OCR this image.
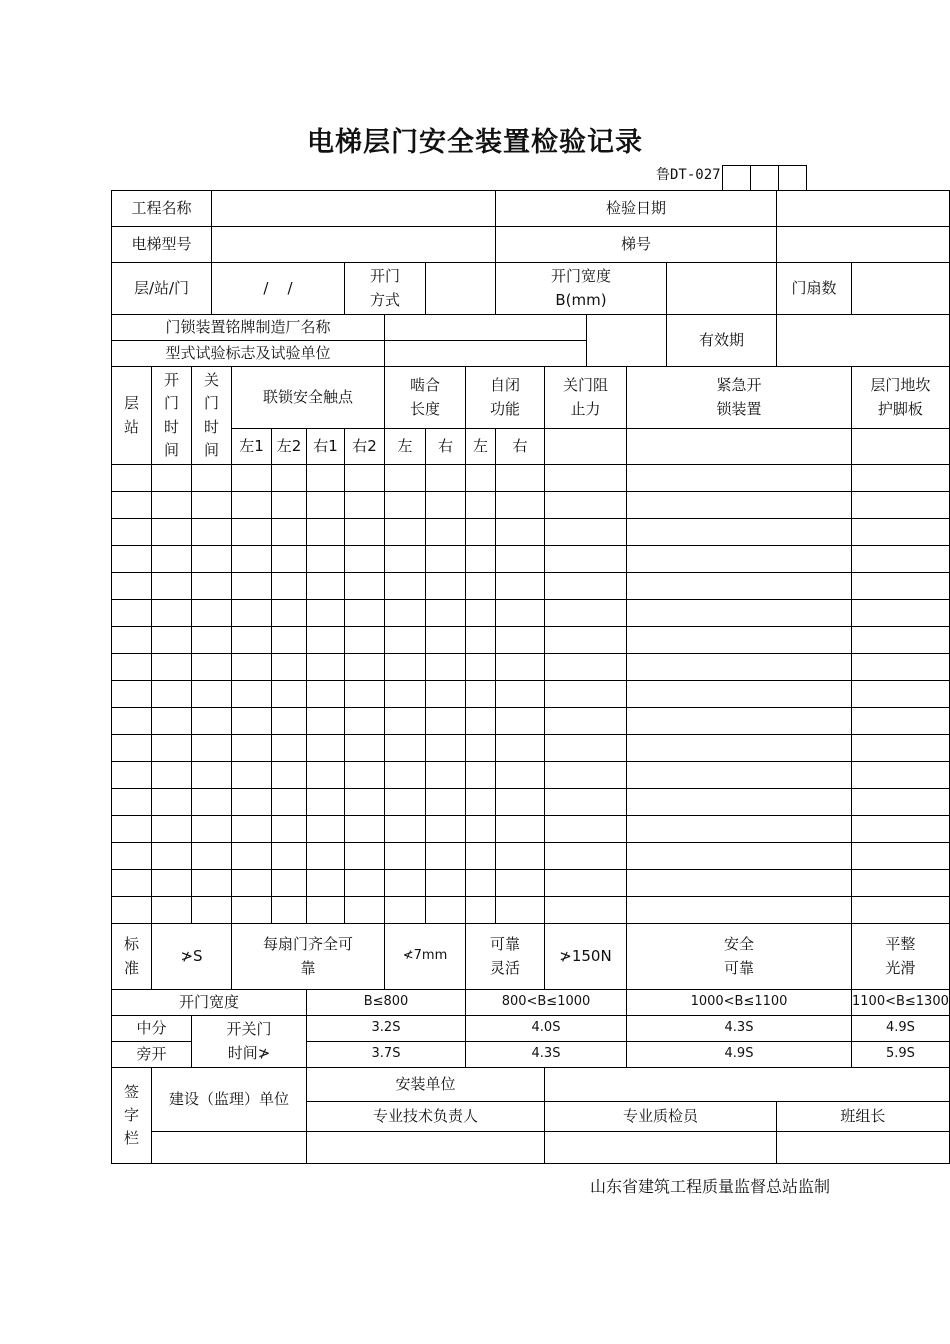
电梯层门安全装置检验记录
鲁DT-027
工程名称											检验日期						
电梯型号											梯号						
层/站/门			/    /				开门方式				开门宽度B(mm)					门扇数	
门锁装置铭牌制造厂名称															有效期		
型式试验标志及试验单位																	
层站	开门时间	关门时间		联锁安全触点				啮合长度		自闭功能		关门阻止力		紧急开锁装置			层门地坎护脚板
				左1	左2	右1	右2	左	右	左	右						

标准	≯S			每扇门齐全可靠				≮7mm		可靠灵活		≯150N		安全可靠			平整光滑
开门宽度						B≤800				800<B≤1000				1000<B≤1100			1100<B≤1300
中分		开关门时间≯				3.2S				4.0S				4.3S			4.9S
旁开						3.7S				4.3S				4.9S			5.9S
签字栏	建设（监理）单位					安装单位											
						专业技术负责人						专业质检员				班组长	

山东省建筑工程质量监督总站监制
